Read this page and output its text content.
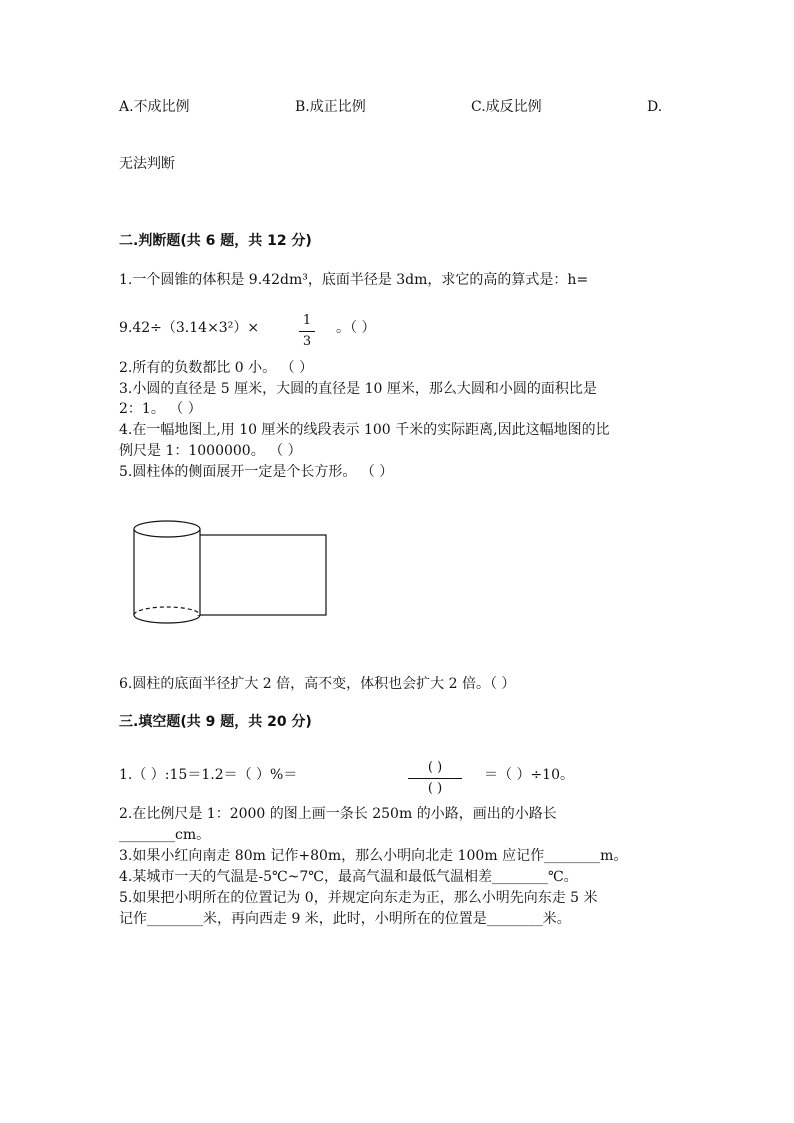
A.不成比例	B.成正比例	C.成反比例	D.
无法判断
二.判断题(共 6 题，共 12 分)
1.一个圆锥的体积是 9.42dm³，底面半径是 3dm，求它的高的算式是：h=
9.42÷（3.14×3²）×	1
3
。（ ）
2.所有的负数都比 0 小。 （ ）
3.小圆的直径是 5 厘米，大圆的直径是 10 厘米，那么大圆和小圆的面积比是
2：1。 （ ）
4.在一幅地图上,用 10 厘米的线段表示 100 千米的实际距离,因此这幅地图的比
例尺是 1：1000000。 （ ）
5.圆柱体的侧面展开一定是个长方形。 （ ）
6.圆柱的底面半径扩大 2 倍，高不变，体积也会扩大 2 倍。（ ）
三.填空题(共 9 题，共 20 分)
1.（ ）:15＝1.2＝（ ）%＝	( )
( )
＝（ ）÷10。
2.在比例尺是 1：2000 的图上画一条长 250m 的小路，画出的小路长
________cm。
3.如果小红向南走 80m 记作+80m，那么小明向北走 100m 应记作________m。
4.某城市一天的气温是-5℃~7℃，最高气温和最低气温相差________℃。
5.如果把小明所在的位置记为 0，并规定向东走为正，那么小明先向东走 5 米
记作________米，再向西走 9 米，此时，小明所在的位置是________米。
